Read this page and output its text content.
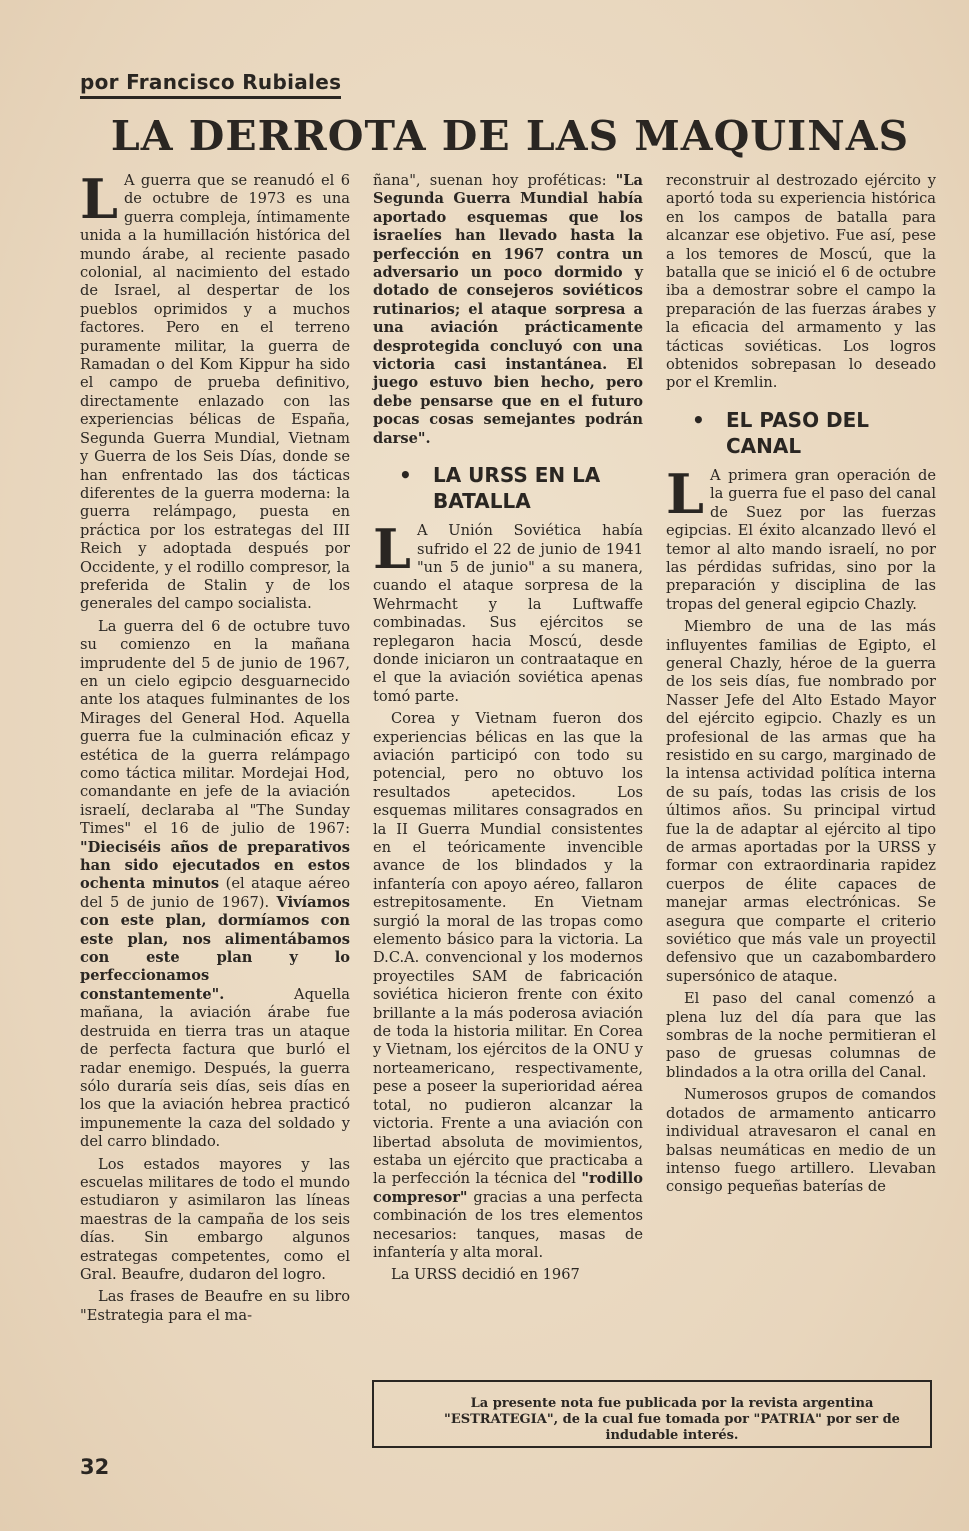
por Francisco Rubiales
LA DERROTA DE LAS MAQUINAS

L A guerra que se reanudó el 6 de octubre de 1973 es una guerra compleja, íntimamente unida a la humillación histórica del mundo árabe, al reciente pasado colonial, al nacimiento del estado de Israel, al despertar de los pueblos oprimidos y a muchos factores. Pero en el terreno puramente militar, la guerra de Ramadan o del Kom Kippur ha sido el campo de prueba definitivo, directamente enlazado con las experiencias bélicas de España, Segunda Guerra Mundial, Vietnam y Guerra de los Seis Días, donde se han enfrentado las dos tácticas diferentes de la guerra moderna: la guerra relámpago, puesta en práctica por los estrategas del III Reich y adoptada después por Occidente, y el rodillo compresor, la preferida de Stalin y de los generales del campo socialista.

La guerra del 6 de octubre tuvo su comienzo en la mañana imprudente del 5 de junio de 1967, en un cielo egipcio desguarnecido ante los ataques fulminantes de los Mirages del General Hod. Aquella guerra fue la culminación eficaz y estética de la guerra relámpago como táctica militar. Mordejai Hod, comandante en jefe de la aviación israelí, declaraba al "The Sunday Times" el 16 de julio de 1967: "Dieciséis años de preparativos han sido ejecutados en estos ochenta minutos (el ataque aéreo del 5 de junio de 1967). Vivíamos con este plan, dormíamos con este plan, nos alimentábamos con este plan y lo perfeccionamos constantemente". Aquella mañana, la aviación árabe fue destruida en tierra tras un ataque de perfecta factura que burló el radar enemigo. Después, la guerra sólo duraría seis días, seis días en los que la aviación hebrea practicó impunemente la caza del soldado y del carro blindado.

Los estados mayores y las escuelas militares de todo el mundo estudiaron y asimilaron las líneas maestras de la campaña de los seis días. Sin embargo algunos estrategas competentes, como el Gral. Beaufre, dudaron del logro.

Las frases de Beaufre en su libro "Estrategia para el ma-

ñana", suenan hoy proféticas: "La Segunda Guerra Mundial había aportado esquemas que los israelíes han llevado hasta la perfección en 1967 contra un adversario un poco dormido y dotado de consejeros soviéticos rutinarios; el ataque sorpresa a una aviación prácticamente desprotegida concluyó con una victoria casi instantánea. El juego estuvo bien hecho, pero debe pensarse que en el futuro pocas cosas semejantes podrán darse".

• LA URSS EN LA BATALLA

L A Unión Soviética había sufrido el 22 de junio de 1941 "un 5 de junio" a su manera, cuando el ataque sorpresa de la Wehrmacht y la Luftwaffe combinadas. Sus ejércitos se replegaron hacia Moscú, desde donde iniciaron un contraataque en el que la aviación soviética apenas tomó parte.

Corea y Vietnam fueron dos experiencias bélicas en las que la aviación participó con todo su potencial, pero no obtuvo los resultados apetecidos. Los esquemas militares consagrados en la II Guerra Mundial consistentes en el teóricamente invencible avance de los blindados y la infantería con apoyo aéreo, fallaron estrepitosamente. En Vietnam surgió la moral de las tropas como elemento básico para la victoria. La D.C.A. convencional y los modernos proyectiles SAM de fabricación soviética hicieron frente con éxito brillante a la más poderosa aviación de toda la historia militar. En Corea y Vietnam, los ejércitos de la ONU y norteamericano, respectivamente, pese a poseer la superioridad aérea total, no pudieron alcanzar la victoria. Frente a una aviación con libertad absoluta de movimientos, estaba un ejército que practicaba a la perfección la técnica del "rodillo compresor" gracias a una perfecta combinación de los tres elementos necesarios: tanques, masas de infantería y alta moral.

La URSS decidió en 1967

reconstruir al destrozado ejército y aportó toda su experiencia histórica en los campos de batalla para alcanzar ese objetivo. Fue así, pese a los temores de Moscú, que la batalla que se inició el 6 de octubre iba a demostrar sobre el campo la preparación de las fuerzas árabes y la eficacia del armamento y las tácticas soviéticas. Los logros obtenidos sobrepasan lo deseado por el Kremlin.

• EL PASO DEL CANAL

L A primera gran operación de la guerra fue el paso del canal de Suez por las fuerzas egipcias. El éxito alcanzado llevó el temor al alto mando israelí, no por las pérdidas sufridas, sino por la preparación y disciplina de las tropas del general egipcio Chazly.

Miembro de una de las más influyentes familias de Egipto, el general Chazly, héroe de la guerra de los seis días, fue nombrado por Nasser Jefe del Alto Estado Mayor del ejército egipcio. Chazly es un profesional de las armas que ha resistido en su cargo, marginado de la intensa actividad política interna de su país, todas las crisis de los últimos años. Su principal virtud fue la de adaptar al ejército al tipo de armas aportadas por la URSS y formar con extraordinaria rapidez cuerpos de élite capaces de manejar armas electrónicas. Se asegura que comparte el criterio soviético que más vale un proyectil defensivo que un cazabombardero supersónico de ataque.

El paso del canal comenzó a plena luz del día para que las sombras de la noche permitieran el paso de gruesas columnas de blindados a la otra orilla del Canal.

Numerosos grupos de comandos dotados de armamento anticarro individual atravesaron el canal en balsas neumáticas en medio de un intenso fuego artillero. Llevaban consigo pequeñas baterías de

La presente nota fue publicada por la revista argentina "ESTRATEGIA", de la cual fue tomada por "PATRIA" por ser de indudable interés.
32
